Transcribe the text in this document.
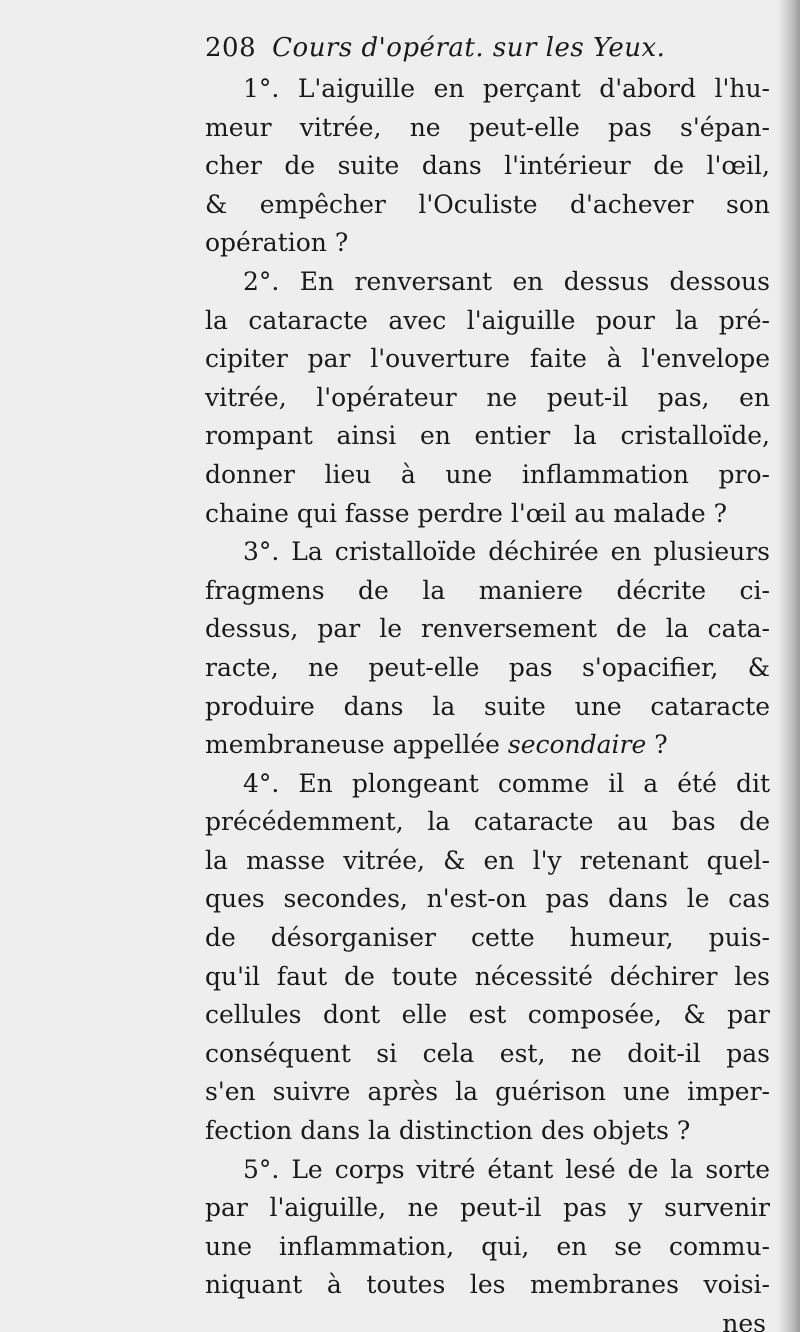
208 Cours d'opérat. sur les Yeux.
1°. L'aiguille en perçant d'abord l'hu-
meur vitrée, ne peut-elle pas s'épan-
cher de suite dans l'intérieur de l'œil,
& empêcher l'Oculiste d'achever son
opération ?
2°. En renversant en dessus dessous
la cataracte avec l'aiguille pour la pré-
cipiter par l'ouverture faite à l'envelope
vitrée, l'opérateur ne peut-il pas, en
rompant ainsi en entier la cristalloïde,
donner lieu à une inflammation pro-
chaine qui fasse perdre l'œil au malade ?
3°. La cristalloïde déchirée en plusieurs
fragmens de la maniere décrite ci-
dessus, par le renversement de la cata-
racte, ne peut-elle pas s'opacifier, &
produire dans la suite une cataracte
membraneuse appellée secondaire ?
4°. En plongeant comme il a été dit
précédemment, la cataracte au bas de
la masse vitrée, & en l'y retenant quel-
ques secondes, n'est-on pas dans le cas
de désorganiser cette humeur, puis-
qu'il faut de toute nécessité déchirer les
cellules dont elle est composée, & par
conséquent si cela est, ne doit-il pas
s'en suivre après la guérison une imper-
fection dans la distinction des objets ?
5°. Le corps vitré étant lesé de la sorte
par l'aiguille, ne peut-il pas y survenir
une inflammation, qui, en se commu-
niquant à toutes les membranes voisi-
nes
